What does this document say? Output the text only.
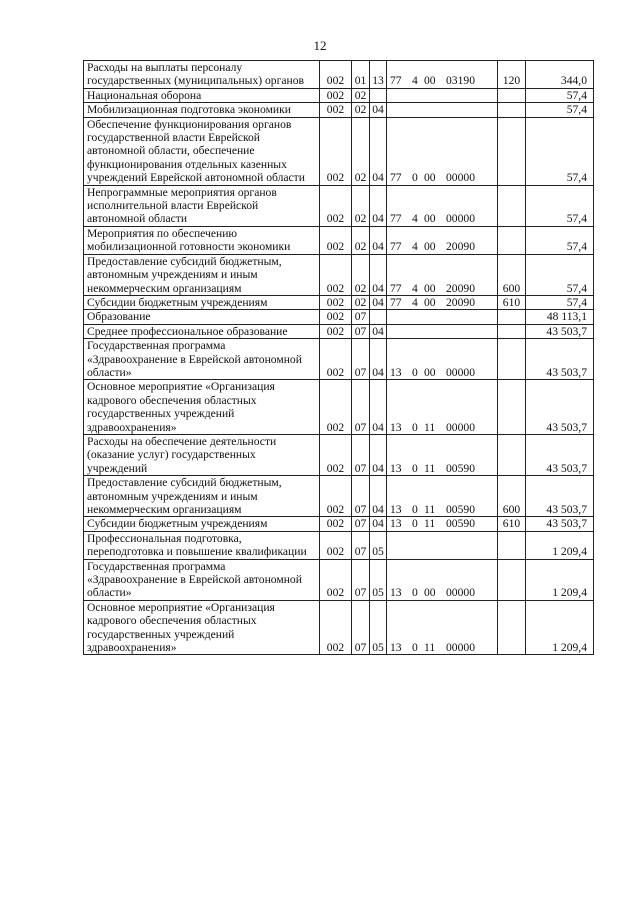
12
Расходы на выплаты персоналу государственных (муниципальных) органов	002	01	13	77 4 00 03190	120	344,0
Национальная оборона	002	02				57,4
Мобилизационная подготовка экономики	002	02	04			57,4
Обеспечение функционирования органов государственной власти Еврейской автономной области, обеспечение функционирования отдельных казенных учреждений Еврейской автономной области	002	02	04	77 0 00 00000		57,4
Непрограммные мероприятия органов исполнительной власти Еврейской автономной области	002	02	04	77 4 00 00000		57,4
Мероприятия по обеспечению мобилизационной готовности экономики	002	02	04	77 4 00 20090		57,4
Предоставление субсидий бюджетным, автономным учреждениям и иным некоммерческим организациям	002	02	04	77 4 00 20090	600	57,4
Субсидии бюджетным учреждениям	002	02	04	77 4 00 20090	610	57,4
Образование	002	07				48 113,1
Среднее профессиональное образование	002	07	04			43 503,7
Государственная программа «Здравоохранение в Еврейской автономной области»	002	07	04	13 0 00 00000		43 503,7
Основное мероприятие «Организация кадрового обеспечения областных государственных учреждений здравоохранения»	002	07	04	13 0 11 00000		43 503,7
Расходы на обеспечение деятельности (оказание услуг) государственных учреждений	002	07	04	13 0 11 00590		43 503,7
Предоставление субсидий бюджетным, автономным учреждениям и иным некоммерческим организациям	002	07	04	13 0 11 00590	600	43 503,7
Субсидии бюджетным учреждениям	002	07	04	13 0 11 00590	610	43 503,7
Профессиональная подготовка, переподготовка и повышение квалификации	002	07	05			1 209,4
Государственная программа «Здравоохранение в Еврейской автономной области»	002	07	05	13 0 00 00000		1 209,4
Основное мероприятие «Организация кадрового обеспечения областных государственных учреждений здравоохранения»	002	07	05	13 0 11 00000		1 209,4
